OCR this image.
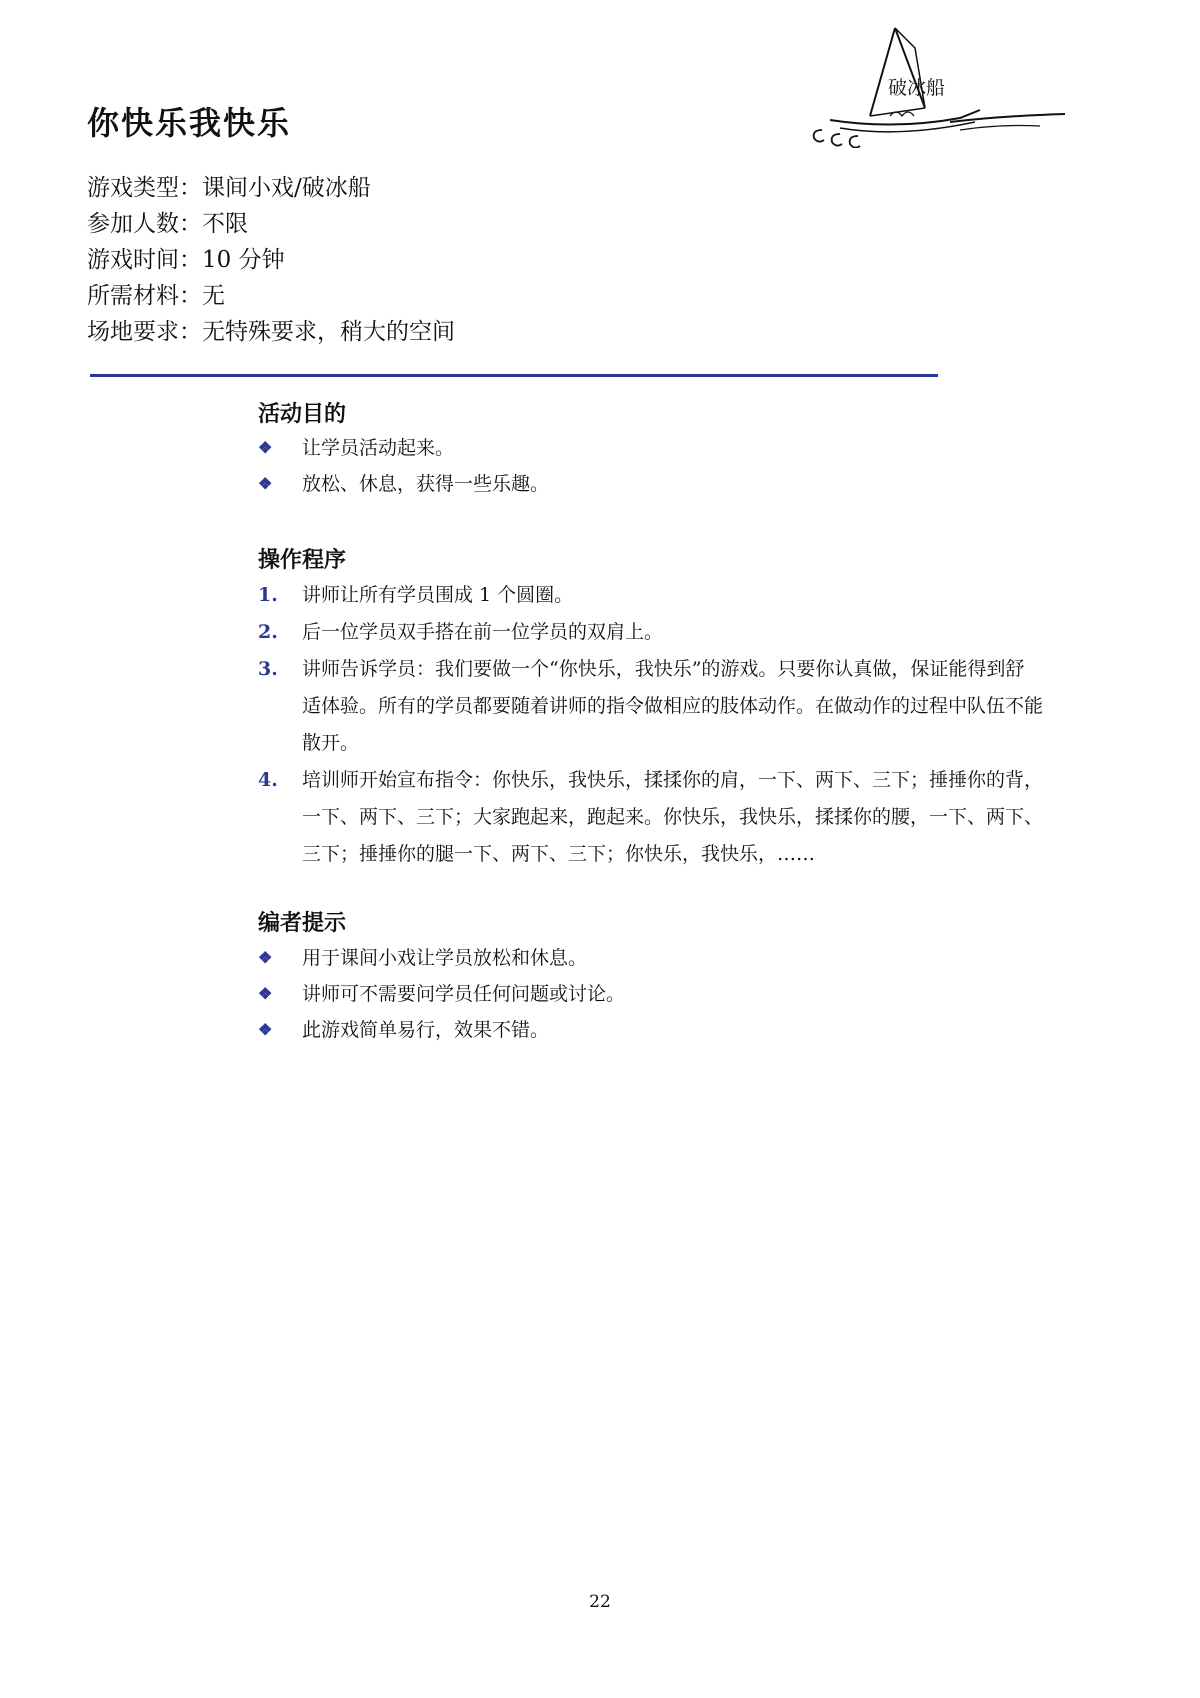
破冰船
你快乐我快乐
游戏类型：课间小戏/破冰船
参加人数：不限
游戏时间：10 分钟
所需材料：无
场地要求：无特殊要求，稍大的空间
活动目的
❖ 让学员活动起来。
❖ 放松、休息，获得一些乐趣。
操作程序
1. 讲师让所有学员围成 1 个圆圈。
2. 后一位学员双手搭在前一位学员的双肩上。
3. 讲师告诉学员：我们要做一个“你快乐，我快乐”的游戏。只要你认真做，保证能得到舒
适体验。所有的学员都要随着讲师的指令做相应的肢体动作。在做动作的过程中队伍不能
散开。
4. 培训师开始宣布指令：你快乐，我快乐，揉揉你的肩，一下、两下、三下；捶捶你的背，
一下、两下、三下；大家跑起来，跑起来。你快乐，我快乐，揉揉你的腰，一下、两下、
三下；捶捶你的腿一下、两下、三下；你快乐，我快乐，……
编者提示
❖ 用于课间小戏让学员放松和休息。
❖ 讲师可不需要问学员任何问题或讨论。
❖ 此游戏简单易行，效果不错。
22
